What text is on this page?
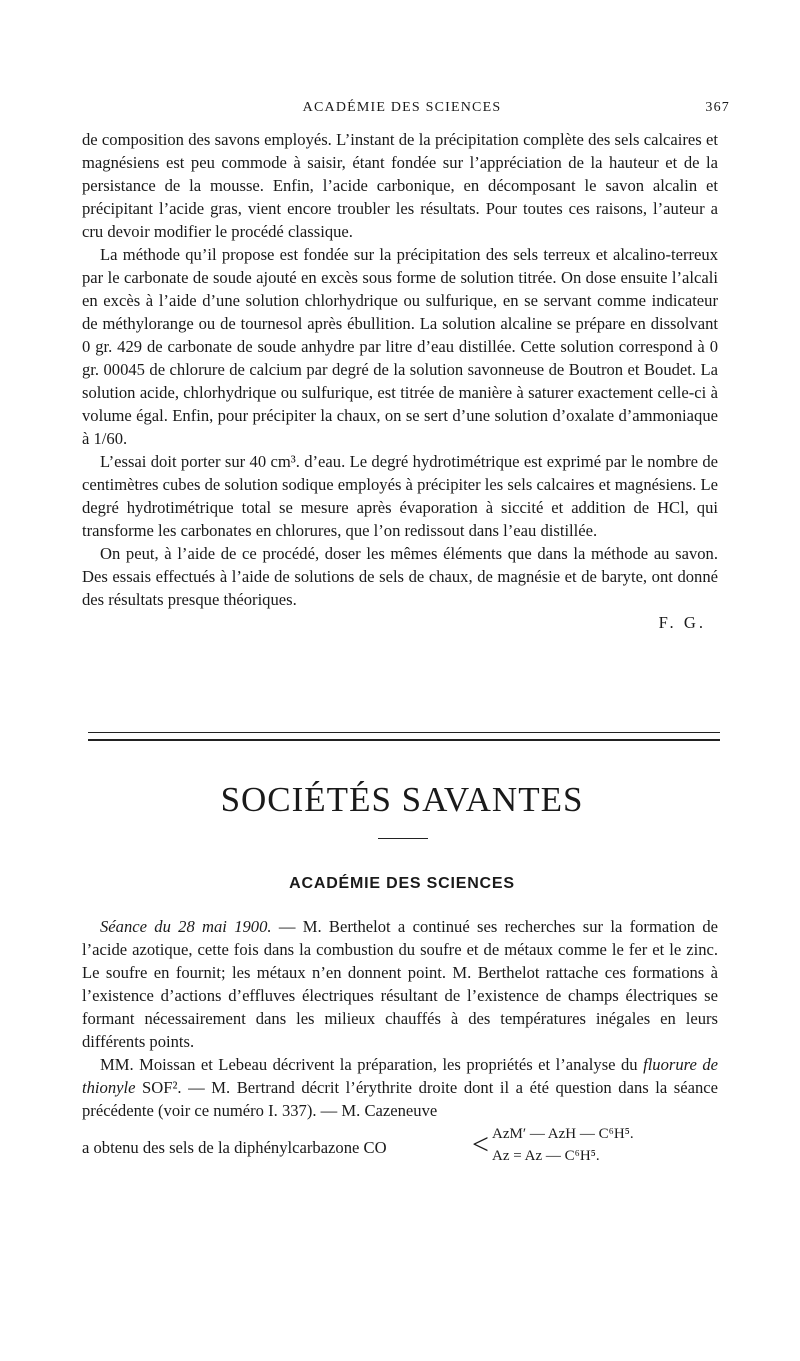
ACADÉMIE DES SCIENCES	367

de composition des savons employés. L’instant de la précipitation complète des sels calcaires et magnésiens est peu commode à saisir, étant fondée sur l’appréciation de la hauteur et de la persistance de la mousse. Enfin, l’acide carbonique, en décomposant le savon alcalin et précipitant l’acide gras, vient encore troubler les résultats. Pour toutes ces raisons, l’auteur a cru devoir modifier le procédé classique.

La méthode qu’il propose est fondée sur la précipitation des sels terreux et alcalino-terreux par le carbonate de soude ajouté en excès sous forme de solution titrée. On dose ensuite l’alcali en excès à l’aide d’une solution chlorhydrique ou sulfurique, en se servant comme indicateur de méthylorange ou de tournesol après ébullition. La solution alcaline se prépare en dissolvant 0 gr. 429 de carbonate de soude anhydre par litre d’eau distillée. Cette solution correspond à 0 gr. 00045 de chlorure de calcium par degré de la solution savonneuse de Boutron et Boudet. La solution acide, chlorhydrique ou sulfurique, est titrée de manière à saturer exactement celle-ci à volume égal. Enfin, pour précipiter la chaux, on se sert d’une solution d’oxalate d’ammoniaque à 1/60.

L’essai doit porter sur 40 cm³. d’eau. Le degré hydrotimétrique est exprimé par le nombre de centimètres cubes de solution sodique employés à précipiter les sels calcaires et magnésiens. Le degré hydrotimétrique total se mesure après évaporation à siccité et addition de HCl, qui transforme les carbonates en chlorures, que l’on redissout dans l’eau distillée.

On peut, à l’aide de ce procédé, doser les mêmes éléments que dans la méthode au savon. Des essais effectués à l’aide de solutions de sels de chaux, de magnésie et de baryte, ont donné des résultats presque théoriques.

F. G.

SOCIÉTÉS SAVANTES
ACADÉMIE DES SCIENCES

Séance du 28 mai 1900. — M. Berthelot a continué ses recherches sur la formation de l’acide azotique, cette fois dans la combustion du soufre et de métaux comme le fer et le zinc. Le soufre en fournit; les métaux n’en donnent point. M. Berthelot rattache ces formations à l’existence d’actions d’effluves électriques résultant de l’existence de champs électriques se formant nécessairement dans les milieux chauffés à des températures inégales en leurs différents points.

MM. Moissan et Lebeau décrivent la préparation, les propriétés et l’analyse du fluorure de thionyle SOF². — M. Bertrand décrit l’érythrite droite dont il a été question dans la séance précédente (voir ce numéro I. 337). — M. Cazeneuve

a obtenu des sels de la diphénylcarbazone CO	< AzM′ — AzH — C⁶H⁵.
Az = Az — C⁶H⁵.
